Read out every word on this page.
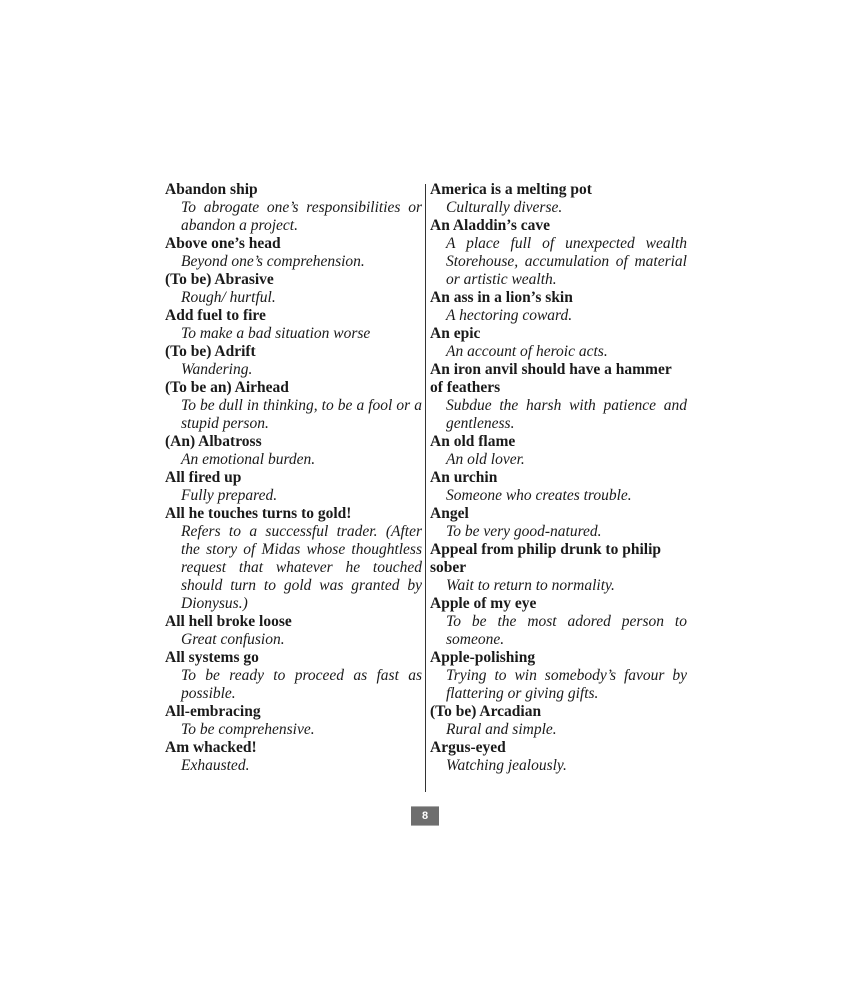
Abandon ship
To abrogate one’s responsibilities or abandon a project.
Above one’s head
Beyond one’s comprehension.
(To be) Abrasive
Rough/ hurtful.
Add fuel to fire
To make a bad situation worse
(To be) Adrift
Wandering.
(To be an) Airhead
To be dull in thinking, to be a fool or a stupid person.
(An) Albatross
An emotional burden.
All fired up
Fully prepared.
All he touches turns to gold!
Refers to a successful trader. (After the story of Midas whose thoughtless request that whatever he touched should turn to gold was granted by Dionysus.)
All hell broke loose
Great confusion.
All systems go
To be ready to proceed as fast as possible.
All-embracing
To be comprehensive.
Am whacked!
Exhausted.
America is a melting pot
Culturally diverse.
An Aladdin’s cave
A place full of unexpected wealth Storehouse, accumulation of material or artistic wealth.
An ass in a lion’s skin
A hectoring coward.
An epic
An account of heroic acts.
An iron anvil should have a hammer of feathers
Subdue the harsh with patience and gentleness.
An old flame
An old lover.
An urchin
Someone who creates trouble.
Angel
To be very good-natured.
Appeal from philip drunk to philip sober
Wait to return to normality.
Apple of my eye
To be the most adored person to someone.
Apple-polishing
Trying to win somebody’s favour by flattering or giving gifts.
(To be) Arcadian
Rural and simple.
Argus-eyed
Watching jealously.
8
